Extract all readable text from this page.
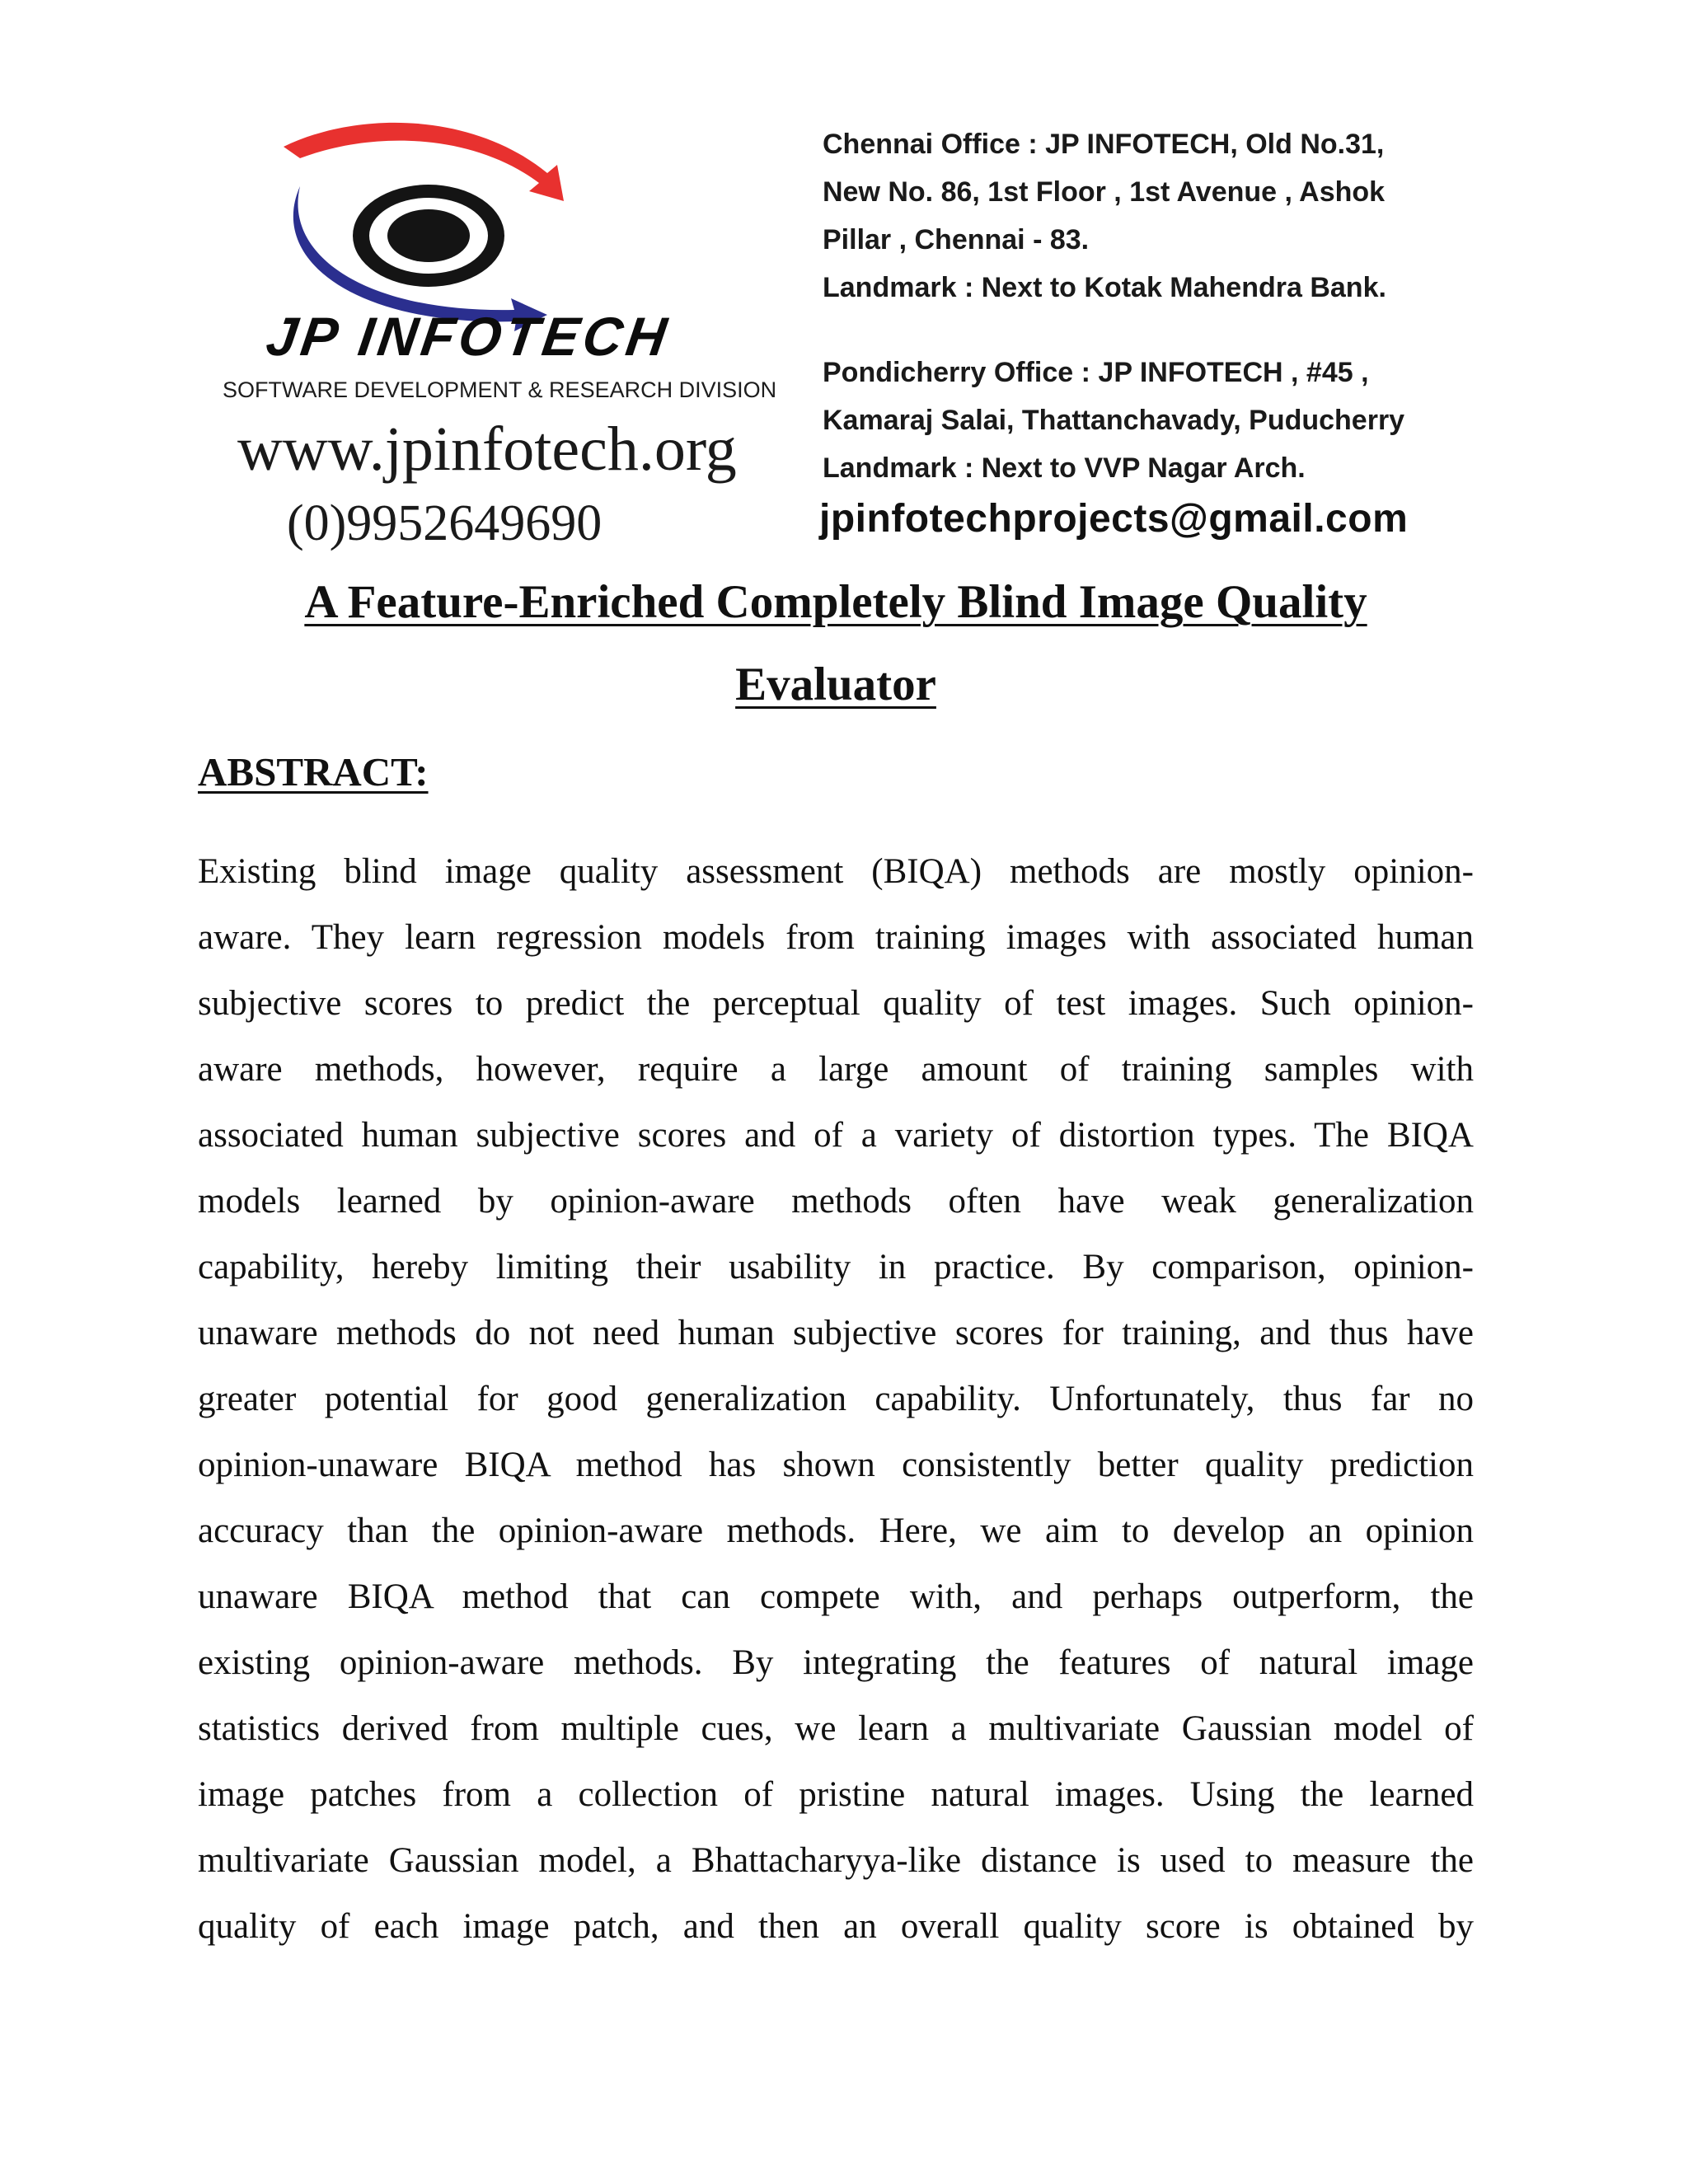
JP INFOTECH
SOFTWARE DEVELOPMENT & RESEARCH DIVISION
www.jpinfotech.org
(0)9952649690
Chennai Office : JP INFOTECH, Old No.31,
New No. 86, 1st Floor , 1st Avenue , Ashok
Pillar , Chennai - 83.
Landmark : Next to Kotak Mahendra Bank.
Pondicherry Office : JP INFOTECH , #45 ,
Kamaraj Salai, Thattanchavady, Puducherry
Landmark : Next to VVP Nagar Arch.
jpinfotechprojects@gmail.com
A Feature-Enriched Completely Blind Image Quality
Evaluator
ABSTRACT:
Existing blind image quality assessment (BIQA) methods are mostly opinion-
aware. They learn regression models from training images with associated human
subjective scores to predict the perceptual quality of test images. Such opinion-
aware methods, however, require a large amount of training samples with
associated human subjective scores and of a variety of distortion types. The BIQA
models learned by opinion-aware methods often have weak generalization
capability, hereby limiting their usability in practice. By comparison, opinion-
unaware methods do not need human subjective scores for training, and thus have
greater potential for good generalization capability. Unfortunately, thus far no
opinion-unaware BIQA method has shown consistently better quality prediction
accuracy than the opinion-aware methods. Here, we aim to develop an opinion
unaware BIQA method that can compete with, and perhaps outperform, the
existing opinion-aware methods. By integrating the features of natural image
statistics derived from multiple cues, we learn a multivariate Gaussian model of
image patches from a collection of pristine natural images. Using the learned
multivariate Gaussian model, a Bhattacharyya-like distance is used to measure the
quality of each image patch, and then an overall quality score is obtained by
